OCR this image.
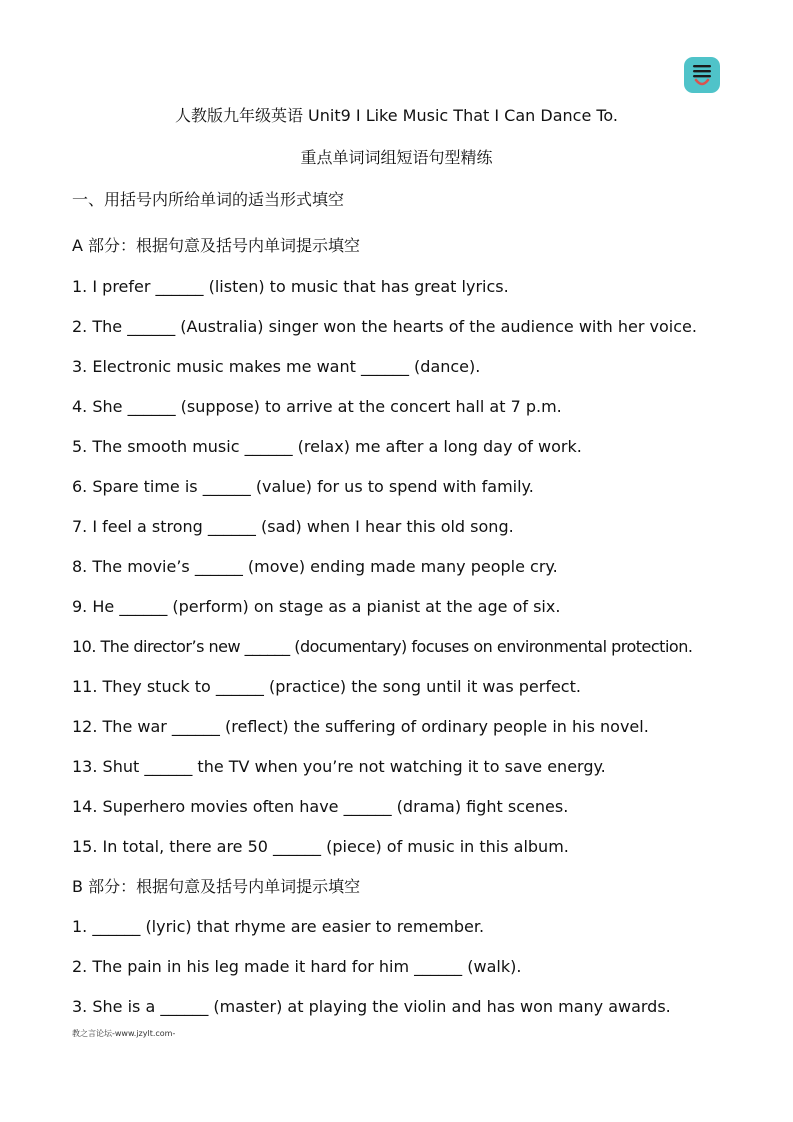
人教版九年级英语 Unit9 I Like Music That I Can Dance To.

重点单词词组短语句型精练

一、用括号内所给单词的适当形式填空

A 部分：根据句意及括号内单词提示填空

1. I prefer ______ (listen) to music that has great lyrics.

2. The ______ (Australia) singer won the hearts of the audience with her voice.

3. Electronic music makes me want ______ (dance).

4. She ______ (suppose) to arrive at the concert hall at 7 p.m.

5. The smooth music ______ (relax) me after a long day of work.

6. Spare time is ______ (value) for us to spend with family.

7. I feel a strong ______ (sad) when I hear this old song.

8. The movie’s ______ (move) ending made many people cry.

9. He ______ (perform) on stage as a pianist at the age of six.

10. The director’s new ______ (documentary) focuses on environmental protection.

11. They stuck to ______ (practice) the song until it was perfect.

12. The war ______ (reflect) the suffering of ordinary people in his novel.

13. Shut ______ the TV when you’re not watching it to save energy.

14. Superhero movies often have ______ (drama) fight scenes.

15. In total, there are 50 ______ (piece) of music in this album.

B 部分：根据句意及括号内单词提示填空

1. ______ (lyric) that rhyme are easier to remember.

2. The pain in his leg made it hard for him ______ (walk).

3. She is a ______ (master) at playing the violin and has won many awards.

教之言论坛-www.jzylt.com-
